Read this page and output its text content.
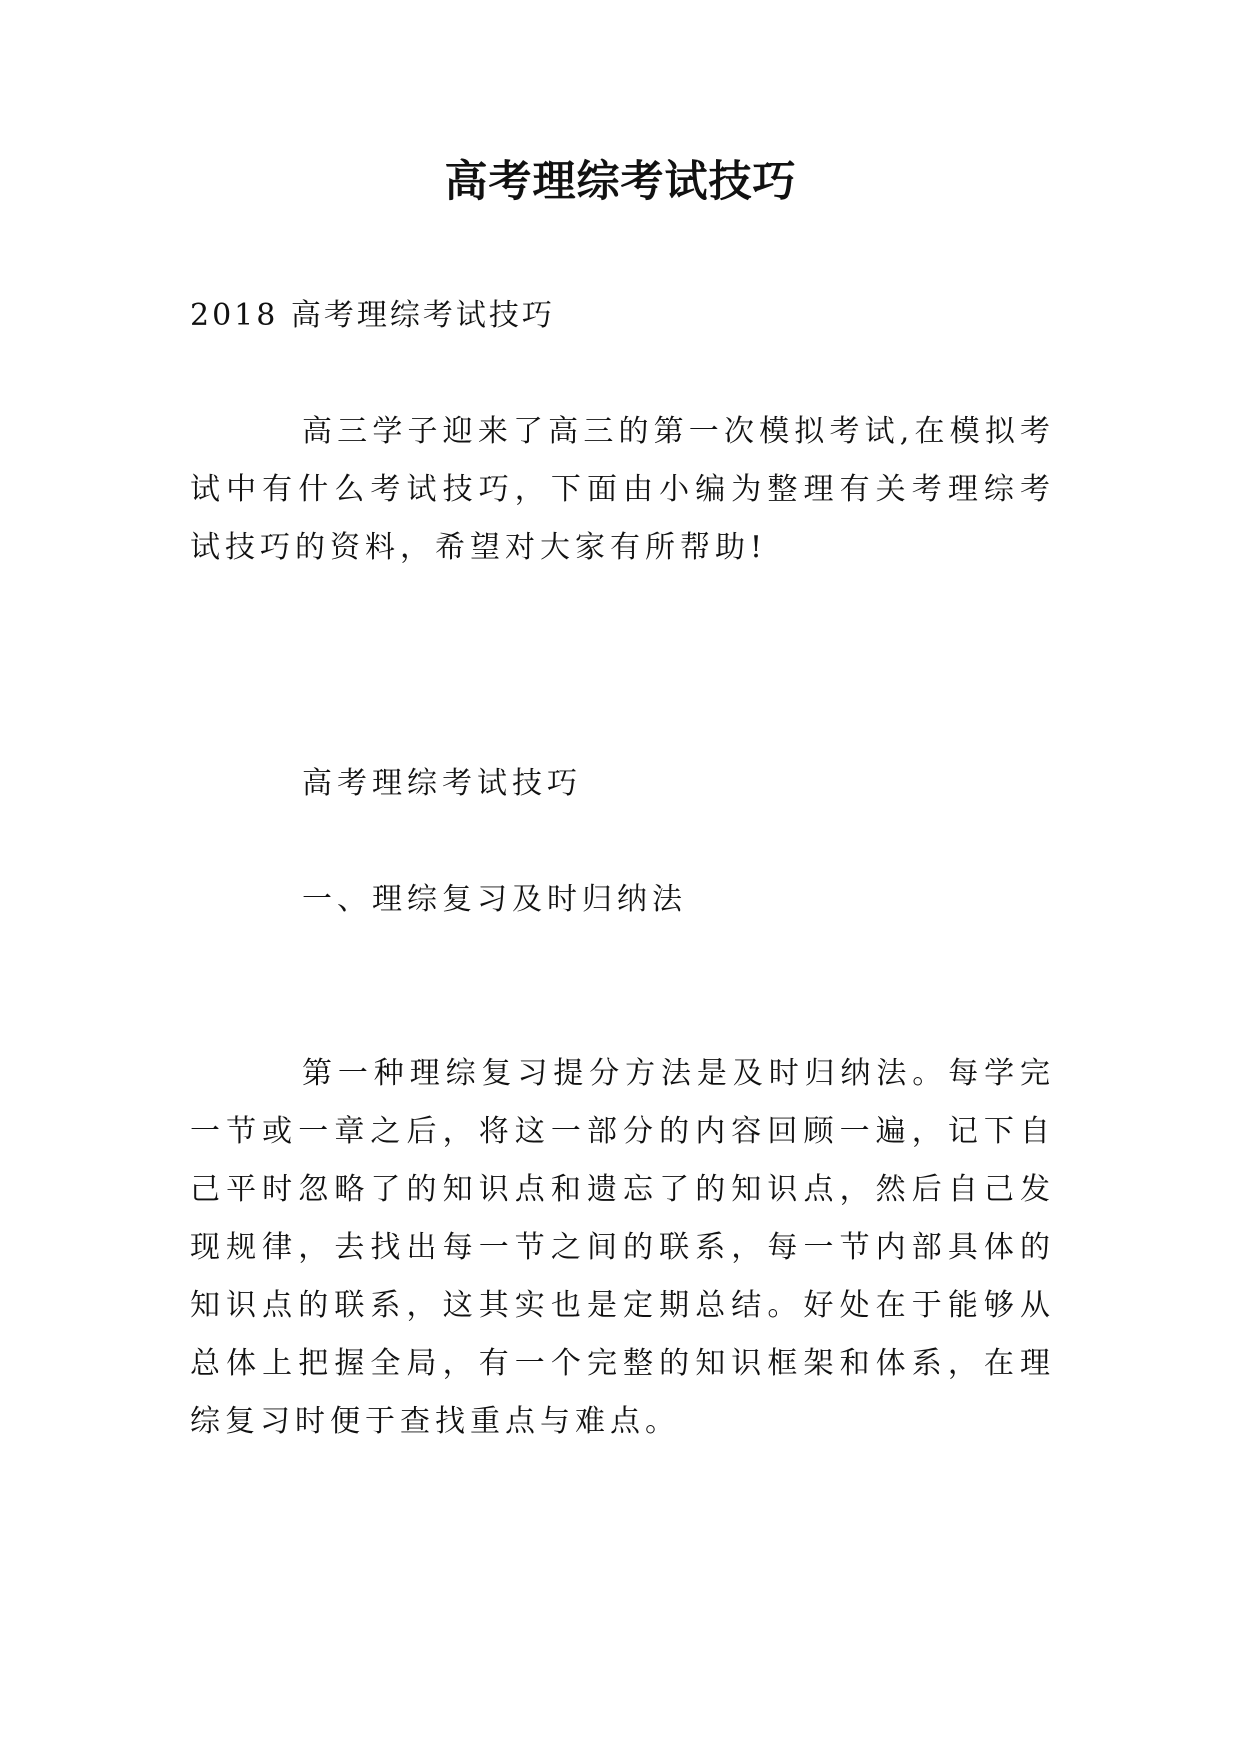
高考理综考试技巧

2018 高考理综考试技巧

高三学子迎来了高三的第一次模拟考试,在模拟考试中有什么考试技巧，下面由小编为整理有关考理综考试技巧的资料，希望对大家有所帮助!

高考理综考试技巧

一、理综复习及时归纳法

第一种理综复习提分方法是及时归纳法。每学完一节或一章之后，将这一部分的内容回顾一遍，记下自己平时忽略了的知识点和遗忘了的知识点，然后自己发现规律，去找出每一节之间的联系，每一节内部具体的知识点的联系，这其实也是定期总结。好处在于能够从总体上把握全局，有一个完整的知识框架和体系，在理综复习时便于查找重点与难点。
